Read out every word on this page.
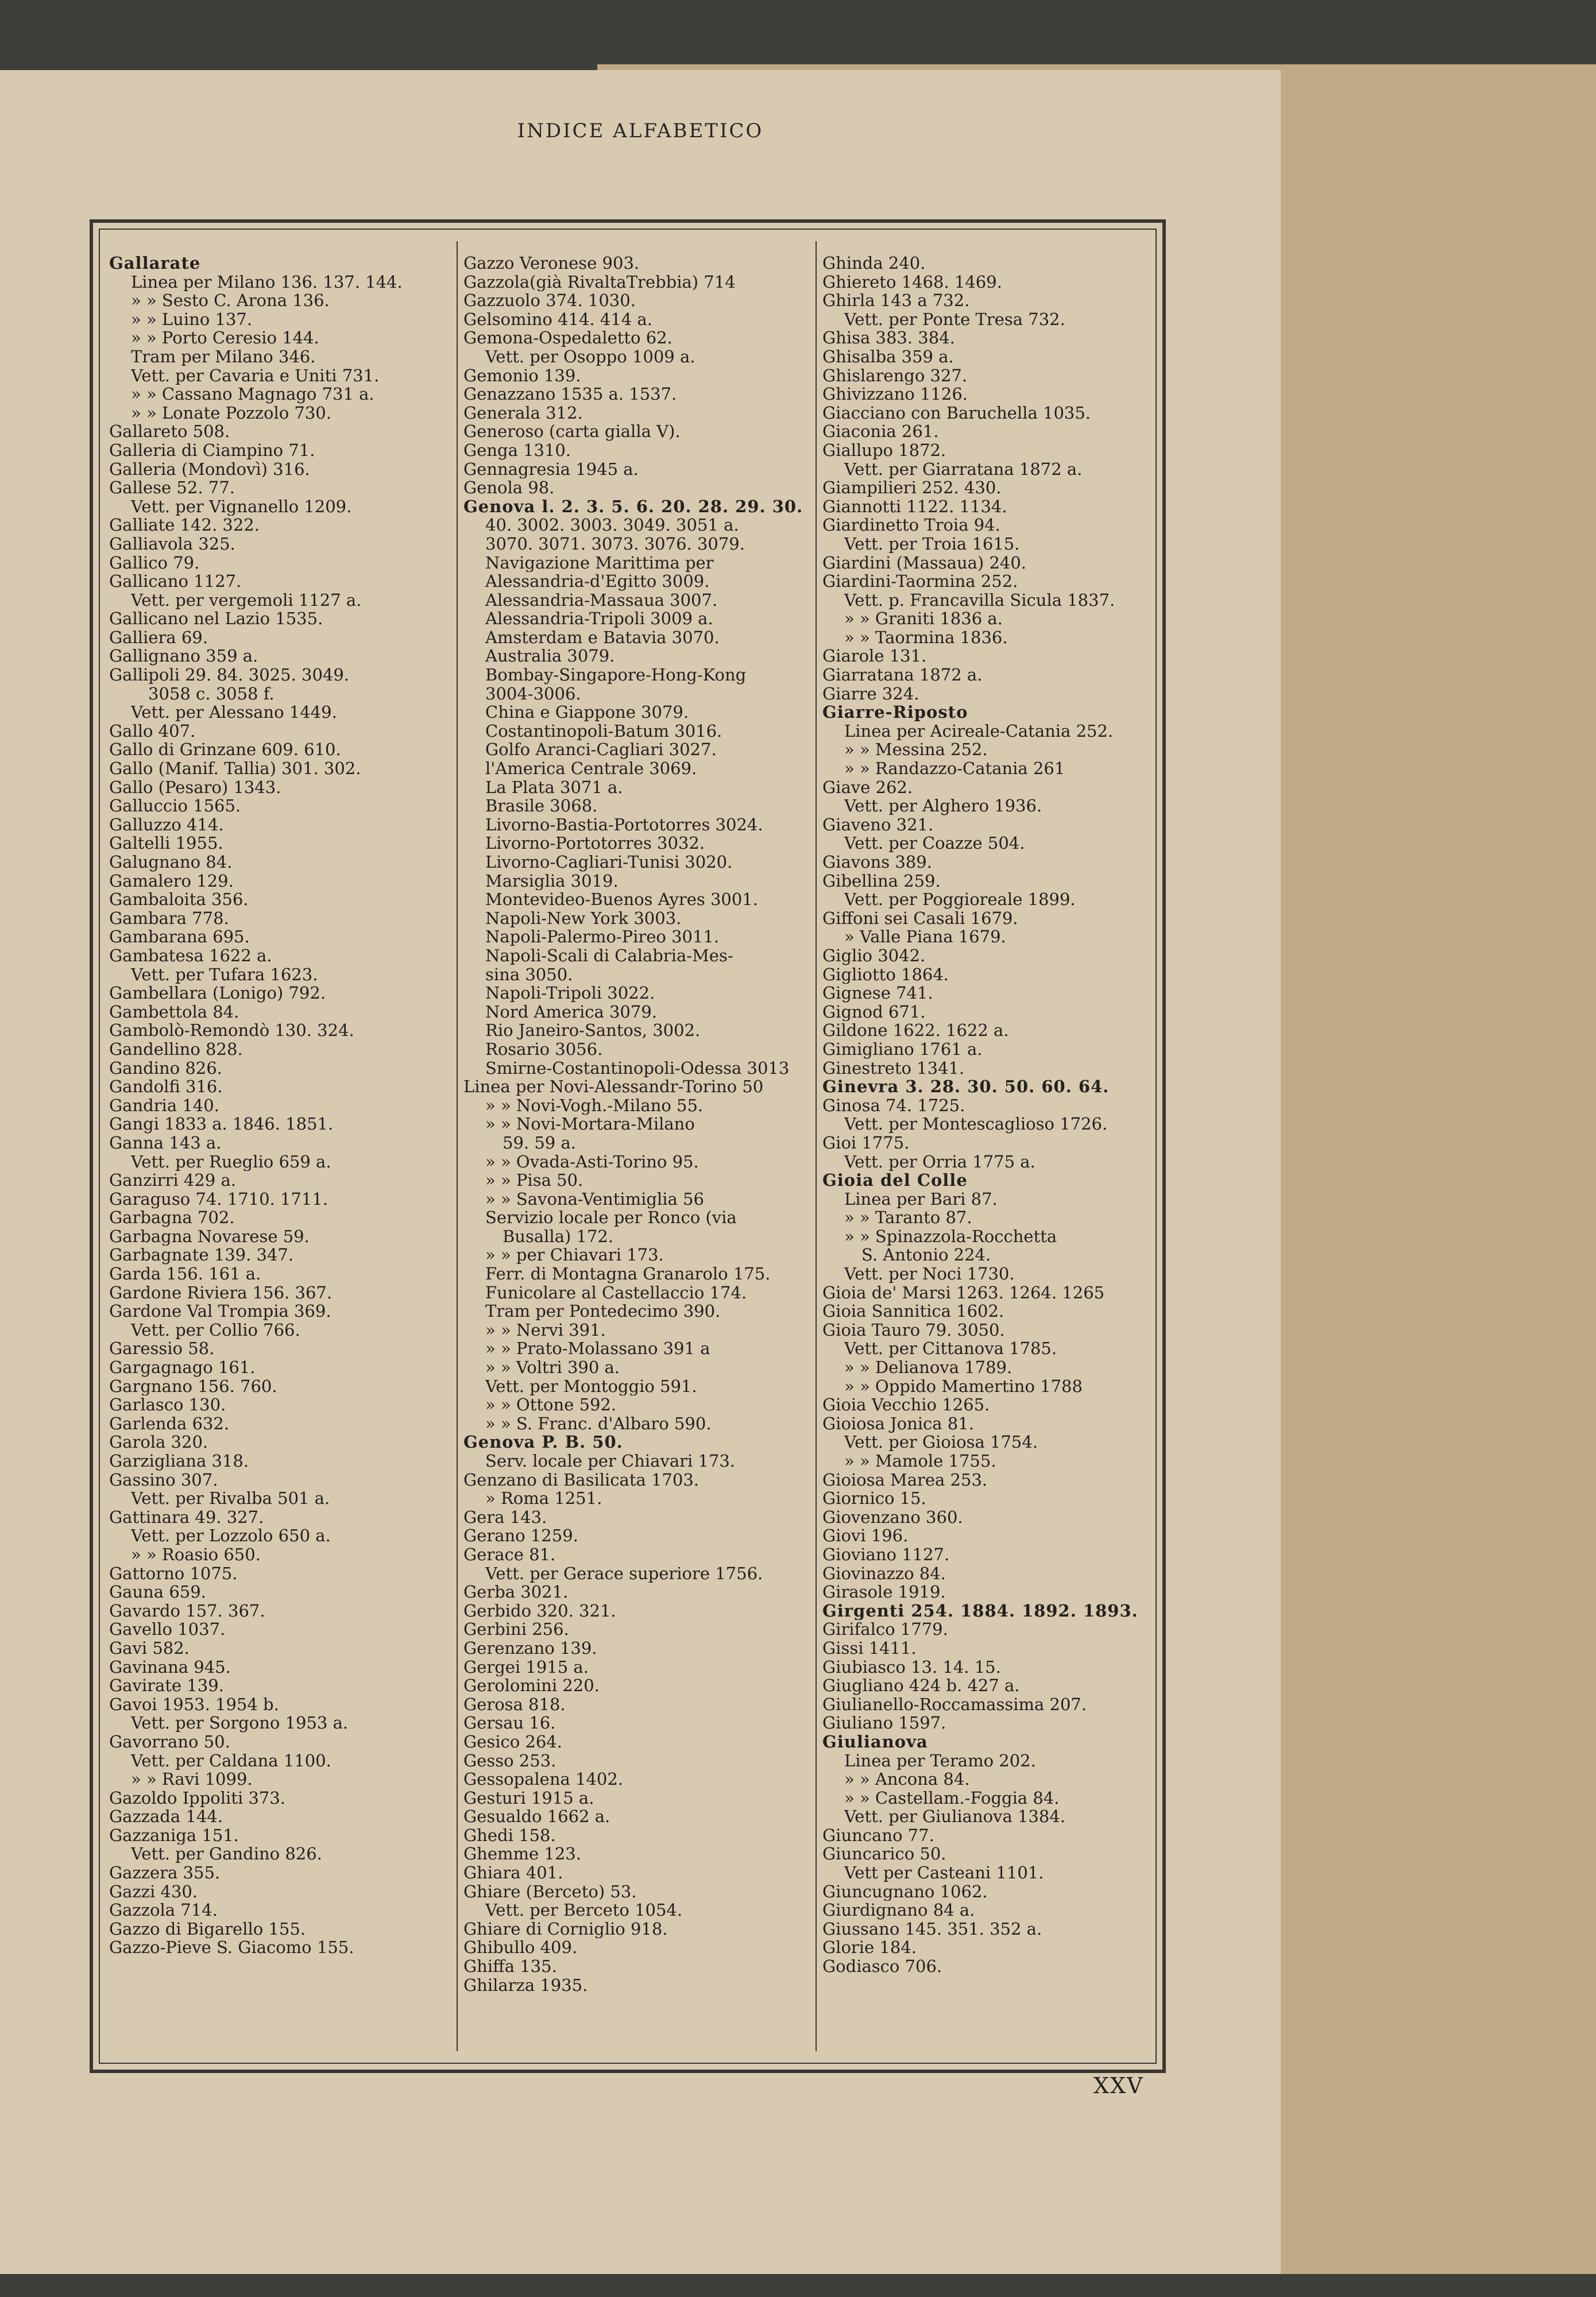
INDICE ALFABETICO
Gallarate
Linea per Milano 136. 137. 144.
» » Sesto C. Arona 136.
» » Luino 137.
» » Porto Ceresio 144.
Tram per Milano 346.
Vett. per Cavaria e Uniti 731.
» » Cassano Magnago 731 a.
» » Lonate Pozzolo 730.
Gallareto 508.
Galleria di Ciampino 71.
Galleria (Mondovì) 316.
Gallese 52. 77.
Vett. per Vignanello 1209.
Galliate 142. 322.
Galliavola 325.
Gallico 79.
Gallicano 1127.
Vett. per vergemoli 1127 a.
Gallicano nel Lazio 1535.
Galliera 69.
Gallignano 359 a.
Gallipoli 29. 84. 3025. 3049.
3058 c. 3058 f.
Vett. per Alessano 1449.
Gallo 407.
Gallo di Grinzane 609. 610.
Gallo (Manif. Tallia) 301. 302.
Gallo (Pesaro) 1343.
Galluccio 1565.
Galluzzo 414.
Galtelli 1955.
Galugnano 84.
Gamalero 129.
Gambaloita 356.
Gambara 778.
Gambarana 695.
Gambatesa 1622 a.
Vett. per Tufara 1623.
Gambellara (Lonigo) 792.
Gambettola 84.
Gambolò-Remondò 130. 324.
Gandellino 828.
Gandino 826.
Gandolfi 316.
Gandria 140.
Gangi 1833 a. 1846. 1851.
Ganna 143 a.
Vett. per Rueglio 659 a.
Ganzirri 429 a.
Garaguso 74. 1710. 1711.
Garbagna 702.
Garbagna Novarese 59.
Garbagnate 139. 347.
Garda 156. 161 a.
Gardone Riviera 156. 367.
Gardone Val Trompia 369.
Vett. per Collio 766.
Garessio 58.
Gargagnago 161.
Gargnano 156. 760.
Garlasco 130.
Garlenda 632.
Garola 320.
Garzigliana 318.
Gassino 307.
Vett. per Rivalba 501 a.
Gattinara 49. 327.
Vett. per Lozzolo 650 a.
» » Roasio 650.
Gattorno 1075.
Gauna 659.
Gavardo 157. 367.
Gavello 1037.
Gavi 582.
Gavinana 945.
Gavirate 139.
Gavoi 1953. 1954 b.
Vett. per Sorgono 1953 a.
Gavorrano 50.
Vett. per Caldana 1100.
» » Ravi 1099.
Gazoldo Ippoliti 373.
Gazzada 144.
Gazzaniga 151.
Vett. per Gandino 826.
Gazzera 355.
Gazzi 430.
Gazzola 714.
Gazzo di Bigarello 155.
Gazzo-Pieve S. Giacomo 155.
Gazzo Veronese 903.
Gazzola(già RivaltaTrebbia) 714
Gazzuolo 374. 1030.
Gelsomino 414. 414 a.
Gemona-Ospedaletto 62.
Vett. per Osoppo 1009 a.
Gemonio 139.
Genazzano 1535 a. 1537.
Generala 312.
Generoso (carta gialla V).
Genga 1310.
Gennagresia 1945 a.
Genola 98.
Genova l. 2. 3. 5. 6. 20. 28. 29. 30.
40. 3002. 3003. 3049. 3051 a.
3070. 3071. 3073. 3076. 3079.
Navigazione Marittima per
Alessandria-d'Egitto 3009.
Alessandria-Massaua 3007.
Alessandria-Tripoli 3009 a.
Amsterdam e Batavia 3070.
Australia 3079.
Bombay-Singapore-Hong-Kong
3004-3006.
China e Giappone 3079.
Costantinopoli-Batum 3016.
Golfo Aranci-Cagliari 3027.
l'America Centrale 3069.
La Plata 3071 a.
Brasile 3068.
Livorno-Bastia-Portotorres 3024.
Livorno-Portotorres 3032.
Livorno-Cagliari-Tunisi 3020.
Marsiglia 3019.
Montevideo-Buenos Ayres 3001.
Napoli-New York 3003.
Napoli-Palermo-Pireo 3011.
Napoli-Scali di Calabria-Mes-
sina 3050.
Napoli-Tripoli 3022.
Nord America 3079.
Rio Janeiro-Santos, 3002.
Rosario 3056.
Smirne-Costantinopoli-Odessa 3013
Linea per Novi-Alessandr-Torino 50
» » Novi-Vogh.-Milano 55.
» » Novi-Mortara-Milano
59. 59 a.
» » Ovada-Asti-Torino 95.
» » Pisa 50.
» » Savona-Ventimiglia 56
Servizio locale per Ronco (via
Busalla) 172.
» » per Chiavari 173.
Ferr. di Montagna Granarolo 175.
Funicolare al Castellaccio 174.
Tram per Pontedecimo 390.
» » Nervi 391.
» » Prato-Molassano 391 a
» » Voltri 390 a.
Vett. per Montoggio 591.
» » Ottone 592.
» » S. Franc. d'Albaro 590.
Genova P. B. 50.
Serv. locale per Chiavari 173.
Genzano di Basilicata 1703.
» Roma 1251.
Gera 143.
Gerano 1259.
Gerace 81.
Vett. per Gerace superiore 1756.
Gerba 3021.
Gerbido 320. 321.
Gerbini 256.
Gerenzano 139.
Gergei 1915 a.
Gerolomini 220.
Gerosa 818.
Gersau 16.
Gesico 264.
Gesso 253.
Gessopalena 1402.
Gesturi 1915 a.
Gesualdo 1662 a.
Ghedi 158.
Ghemme 123.
Ghiara 401.
Ghiare (Berceto) 53.
Vett. per Berceto 1054.
Ghiare di Corniglio 918.
Ghibullo 409.
Ghiffa 135.
Ghilarza 1935.
Ghinda 240.
Ghiereto 1468. 1469.
Ghirla 143 a 732.
Vett. per Ponte Tresa 732.
Ghisa 383. 384.
Ghisalba 359 a.
Ghislarengo 327.
Ghivizzano 1126.
Giacciano con Baruchella 1035.
Giaconia 261.
Giallupo 1872.
Vett. per Giarratana 1872 a.
Giampilieri 252. 430.
Giannotti 1122. 1134.
Giardinetto Troia 94.
Vett. per Troia 1615.
Giardini (Massaua) 240.
Giardini-Taormina 252.
Vett. p. Francavilla Sicula 1837.
» » Graniti 1836 a.
» » Taormina 1836.
Giarole 131.
Giarratana 1872 a.
Giarre 324.
Giarre-Riposto
Linea per Acireale-Catania 252.
» » Messina 252.
» » Randazzo-Catania 261
Giave 262.
Vett. per Alghero 1936.
Giaveno 321.
Vett. per Coazze 504.
Giavons 389.
Gibellina 259.
Vett. per Poggioreale 1899.
Giffoni sei Casali 1679.
» Valle Piana 1679.
Giglio 3042.
Gigliotto 1864.
Gignese 741.
Gignod 671.
Gildone 1622. 1622 a.
Gimigliano 1761 a.
Ginestreto 1341.
Ginevra 3. 28. 30. 50. 60. 64.
Ginosa 74. 1725.
Vett. per Montescaglioso 1726.
Gioi 1775.
Vett. per Orria 1775 a.
Gioia del Colle
Linea per Bari 87.
» » Taranto 87.
» » Spinazzola-Rocchetta
S. Antonio 224.
Vett. per Noci 1730.
Gioia de' Marsi 1263. 1264. 1265
Gioia Sannitica 1602.
Gioia Tauro 79. 3050.
Vett. per Cittanova 1785.
» » Delianova 1789.
» » Oppido Mamertino 1788
Gioia Vecchio 1265.
Gioiosa Jonica 81.
Vett. per Gioiosa 1754.
» » Mamole 1755.
Gioiosa Marea 253.
Giornico 15.
Giovenzano 360.
Giovi 196.
Gioviano 1127.
Giovinazzo 84.
Girasole 1919.
Girgenti 254. 1884. 1892. 1893.
Girifalco 1779.
Gissi 1411.
Giubiasco 13. 14. 15.
Giugliano 424 b. 427 a.
Giulianello-Roccamassima 207.
Giuliano 1597.
Giulianova
Linea per Teramo 202.
» » Ancona 84.
» » Castellam.-Foggia 84.
Vett. per Giulianova 1384.
Giuncano 77.
Giuncarico 50.
Vett per Casteani 1101.
Giuncugnano 1062.
Giurdignano 84 a.
Giussano 145. 351. 352 a.
Glorie 184.
Godiasco 706.
XXV
